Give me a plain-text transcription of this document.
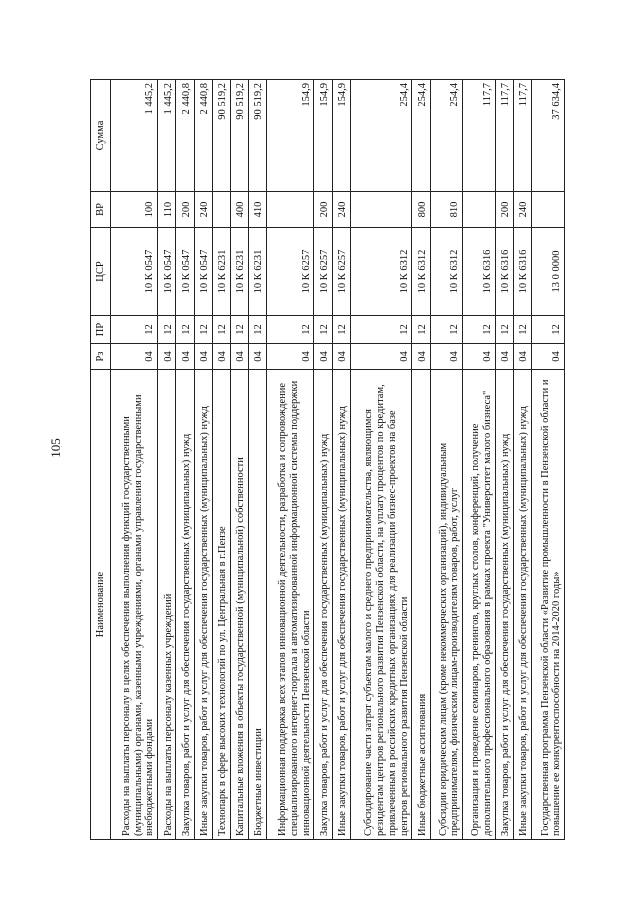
105
Наименование	Рз	ПР	ЦСР	ВР	Сумма
Расходы на выплаты персоналу в целях обеспечения выполнения функций государственными (муниципальными) органами, казенными учреждениями, органами управления государственными внебюджетными фондами	04	12	10 К 0547	100	1 445,2
Расходы на выплаты персоналу казенных учреждений	04	12	10 К 0547	110	1 445,2
Закупка товаров, работ и услуг для обеспечения государственных (муниципальных) нужд	04	12	10 К 0547	200	2 440,8
Иные закупки товаров, работ и услуг для обеспечения государственных (муниципальных) нужд	04	12	10 К 0547	240	2 440,8
Технопарк в сфере высоких технологий по ул. Центральная в г.Пензе	04	12	10 К 6231		90 519,2
Капитальные вложения в объекты государственной (муниципальной) собственности	04	12	10 К 6231	400	90 519,2
Бюджетные инвестиции	04	12	10 К 6231	410	90 519,2
Информационная поддержка всех этапов инновационной деятельности, разработка и сопровождение специализированного интернет-портала и автоматизированной информационной системы поддержки инновационной деятельности Пензенской области	04	12	10 К 6257		154,9
Закупка товаров, работ и услуг для обеспечения государственных (муниципальных) нужд	04	12	10 К 6257	200	154,9
Иные закупки товаров, работ и услуг для обеспечения государственных (муниципальных) нужд	04	12	10 К 6257	240	154,9
Субсидирование части затрат субъектам малого и среднего предпринимательства, являющимся резидентам центров регионального развития Пензенской области, на уплату процентов по кредитам, привлеченным в российских кредитных организациях для реализации бизнес-проектов на базе центров регионального развития Пензенской области	04	12	10 К 6312		254,4
Иные бюджетные ассигнования	04	12	10 К 6312	800	254,4
Субсидии юридическим лицам (кроме некоммерческих организаций), индивидуальным предпринимателям, физическим лицам-производителям товаров, работ, услуг	04	12	10 К 6312	810	254,4
Организация и проведение семинаров, тренингов, круглых столов, конференций, получение дополнительного профессионального образования в рамках проекта "Университет малого бизнеса"	04	12	10 К 6316		117,7
Закупка товаров, работ и услуг для обеспечения государственных (муниципальных) нужд	04	12	10 К 6316	200	117,7
Иные закупки товаров, работ и услуг для обеспечения государственных (муниципальных) нужд	04	12	10 К 6316	240	117,7
Государственная программа Пензенской области «Развитие промышленности в Пензенской области и повышение ее конкурентоспособности на 2014-2020 годы»	04	12	13 0 0000		37 634,4
